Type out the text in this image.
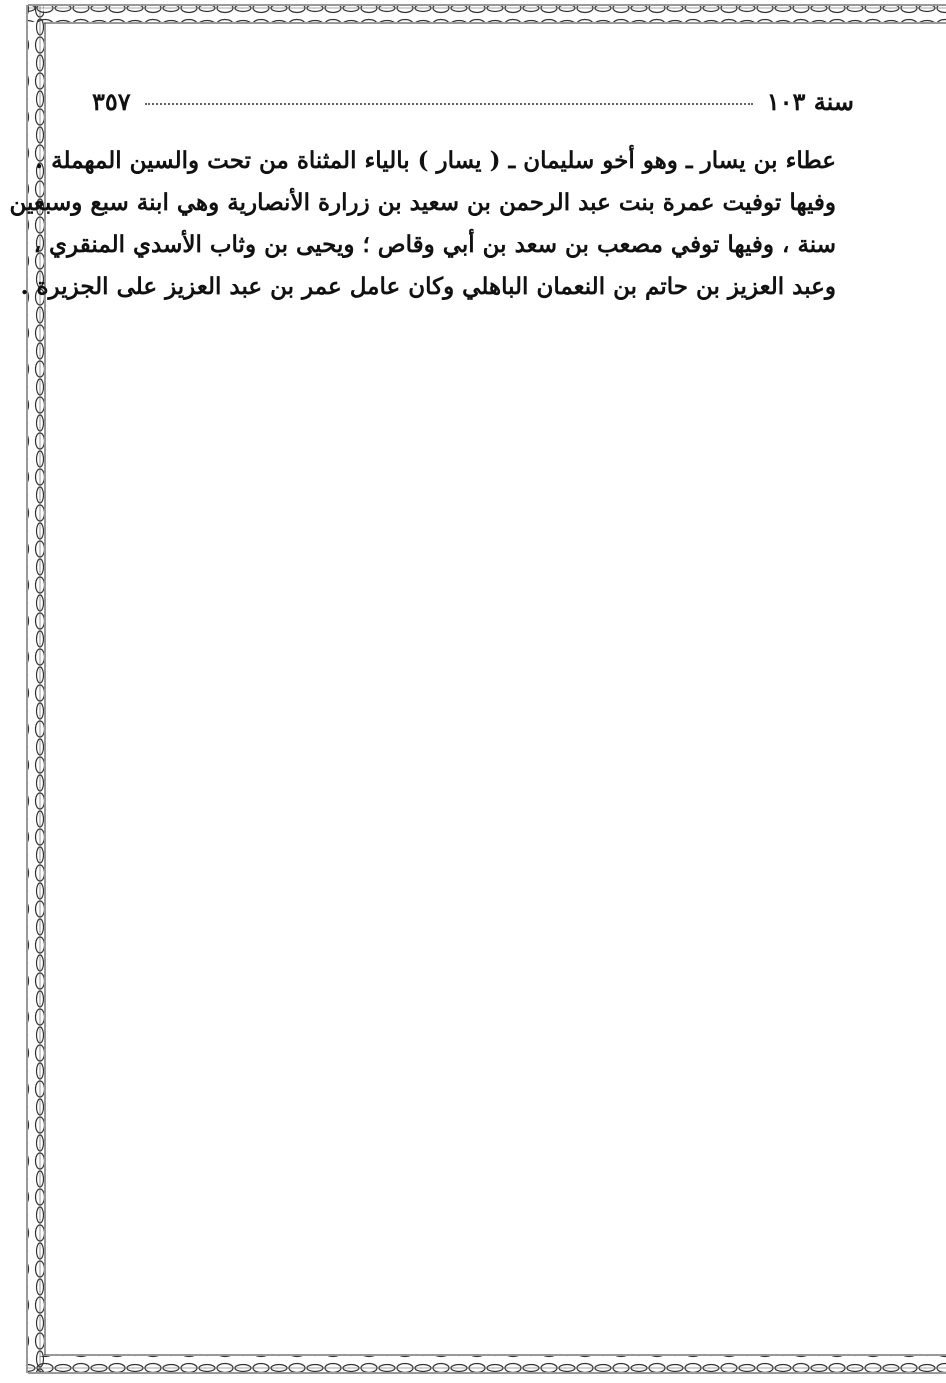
سنة ١٠٣
٣٥٧
عطاء بن يسار ـ وهو أخو سليمان ـ ( يسار ) بالياء المثناة من تحت والسين المهملة .
وفيها توفيت عمرة بنت عبد الرحمن بن سعيد بن زرارة الأنصارية وهي ابنة سبع وسبعين
سنة ، وفيها توفي مصعب بن سعد بن أبي وقاص ؛ ويحيى بن وثاب الأسدي المنقري ،
وعبد العزيز بن حاتم بن النعمان الباهلي وكان عامل عمر بن عبد العزيز على الجزيرة .
